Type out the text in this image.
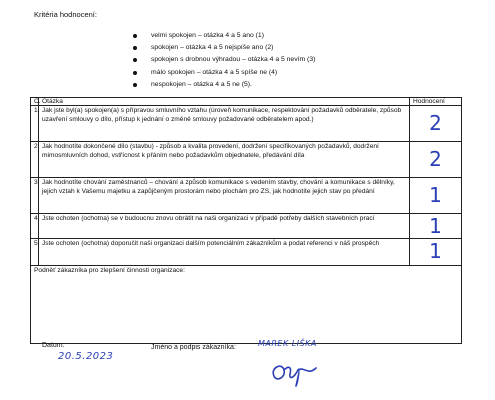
Kritéria hodnocení:
velmi spokojen – otázka 4 a 5 ano (1)
spokojen – otázka 4 a 5 nejspíše ano (2)
spokojen s drobnou výhradou – otázka 4 a 5 nevím (3)
málo spokojen – otázka 4 a 5 spíše ne (4)
nespokojen – otázka 4 a 5 ne (5).
Č.	Otázka	Hodnocení
1	Jak jste byl(a) spokojen(a) s přípravou smluvního vztahu (úroveň komunikace, respektování požadavků odběratele, způsob uzavření smlouvy o dílo, přístup k jednání o změně smlouvy požadované odběratelem apod.)	2

2	Jak hodnotíte dokončené dílo (stavbu) - způsob a kvalita provedení, dodržení specifikovaných požadavků, dodržení mimosmluvních dohod, vstřícnost k přáním nebo požadavkům objednatele, předávání díla	2

3	Jak hodnotíte chování zaměstnanců – chování a způsob komunikace s vedením stavby, chování a komunikace s dělníky, jejich vztah k Vašemu majetku a zapůjčeným prostorám nebo plochám pro ZS, jak hodnotíte jejich stav po předání	1

4	Jste ochoten (ochotna) se v budoucnu znovu obrátit na naši organizaci v případě potřeby dalších stavebních prací	1

5	Jste ochoten (ochotna) doporučit naši organizaci dalším potenciálním zákazníkům a podat referenci v náš prospěch	1

Podněť zákazníka pro zlepšení činnosti organizace:		
Datum:
20.5.2023
Jméno a podpis zákazníka:	MAREK LIŠKA
